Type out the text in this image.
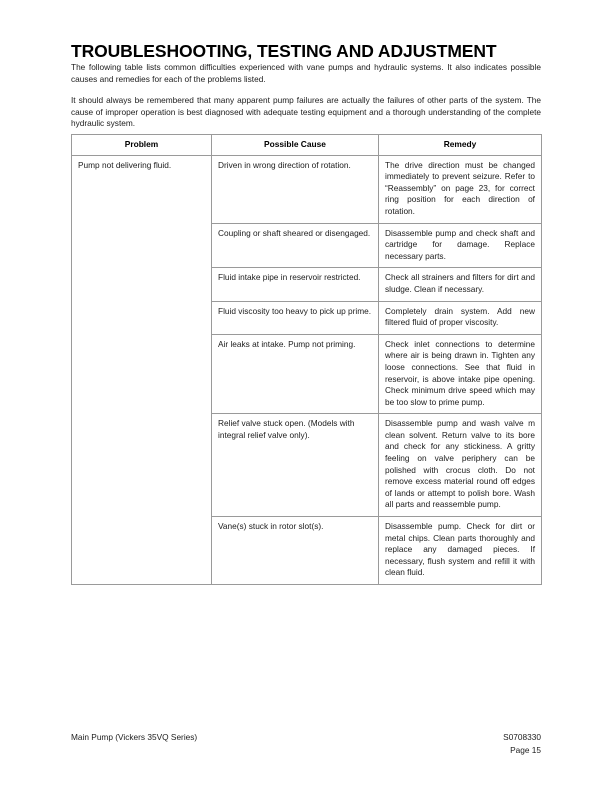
TROUBLESHOOTING, TESTING AND ADJUSTMENT

The following table lists common difficulties experienced with vane pumps and hydraulic systems. It also indicates possible causes and remedies for each of the problems listed.

It should always be remembered that many apparent pump failures are actually the failures of other parts of the system. The cause of improper operation is best diagnosed with adequate testing equipment and a thorough understanding of the complete hydraulic system.

Problem	Possible Cause	Remedy
Pump not delivering fluid.	Driven in wrong direction of rotation.	The drive direction must be changed immediately to prevent seizure. Refer to “Reassembly” on page 23, for correct ring position for each direction of rotation.
	Coupling or shaft sheared or disengaged.	Disassemble pump and check shaft and cartridge for damage. Replace necessary parts.
	Fluid intake pipe in reservoir restricted.	Check all strainers and filters for dirt and sludge. Clean if necessary.
	Fluid viscosity too heavy to pick up prime.	Completely drain system. Add new filtered fluid of proper viscosity.
	Air leaks at intake. Pump not priming.	Check inlet connections to determine where air is being drawn in. Tighten any loose connections. See that fluid in reservoir, is above intake pipe opening. Check minimum drive speed which may be too slow to prime pump.
	Relief valve stuck open. (Models with integral relief valve only).	Disassemble pump and wash valve m clean solvent. Return valve to its bore and check for any stickiness. A gritty feeling on valve periphery can be polished with crocus cloth. Do not remove excess material round off edges of lands or attempt to polish bore. Wash all parts and reassemble pump.
	Vane(s) stuck in rotor slot(s).	Disassemble pump. Check for dirt or metal chips. Clean parts thoroughly and replace any damaged pieces. If necessary, flush system and refill it with clean fluid.
Main Pump (Vickers 35VQ Series)	S0708330
Page 15
